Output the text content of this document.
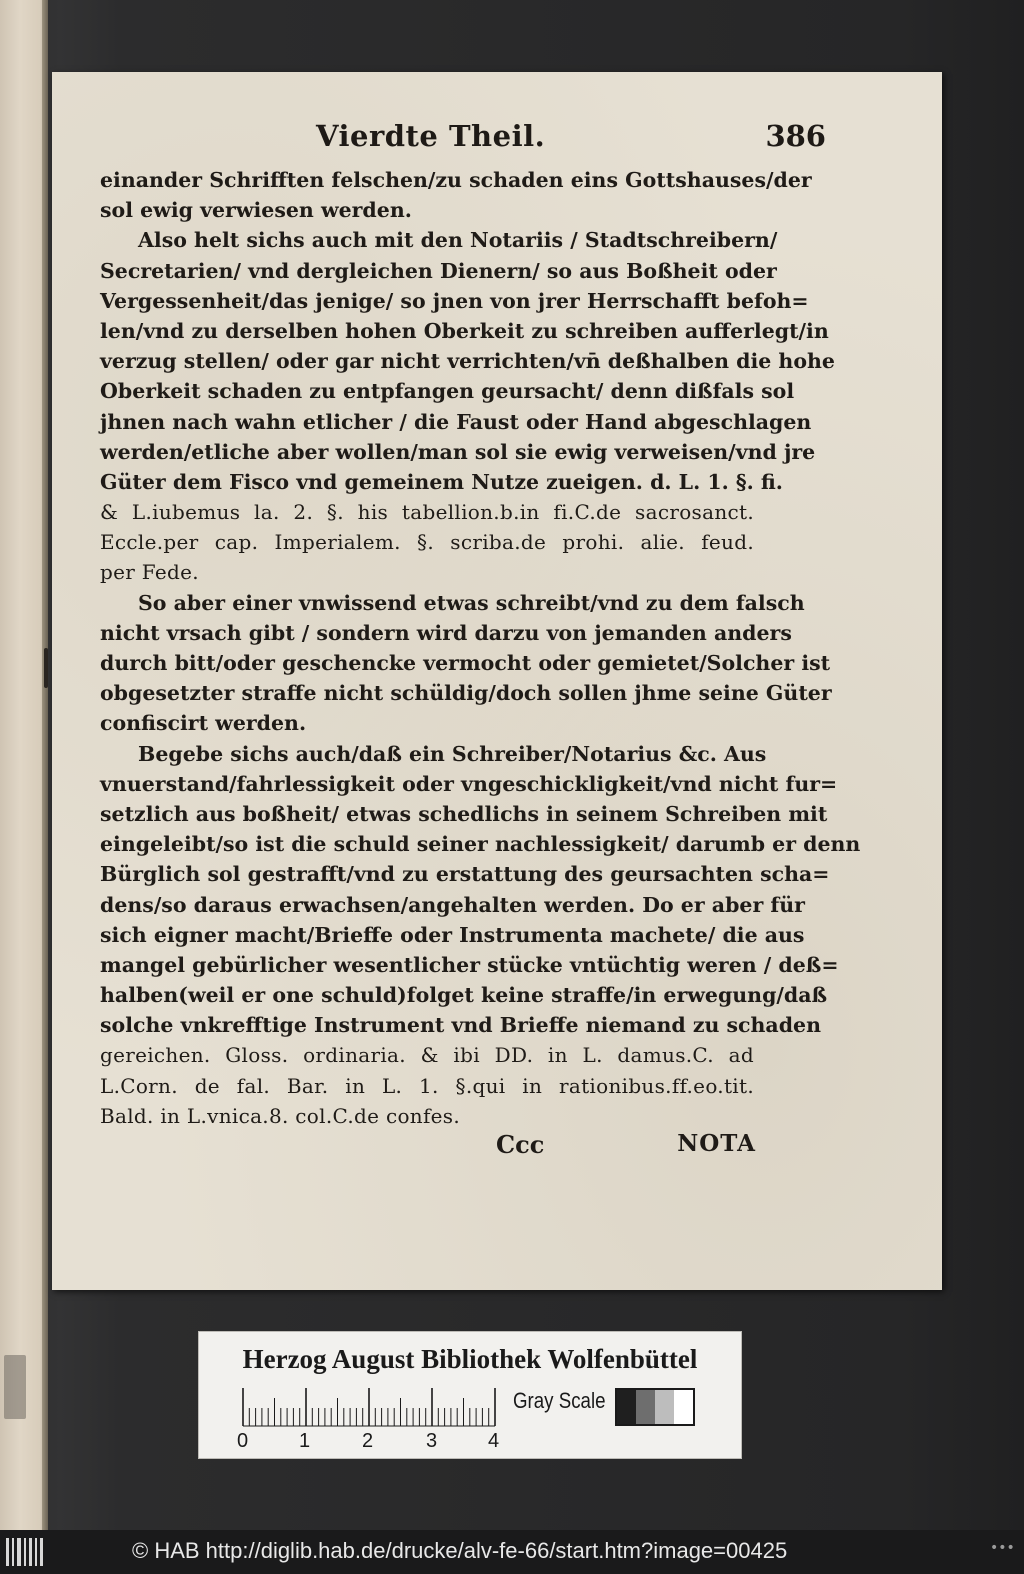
Vierdte Theil.	386
einander Schrifften felschen/zu schaden eins Gottshauses/der
sol ewig verwiesen werden.
Also helt sichs auch mit den Notariis / Stadtschreibern/
Secretarien/ vnd dergleichen Dienern/ so aus Boßheit oder
Vergessenheit/das jenige/ so jnen von jrer Herrschafft befoh=
len/vnd zu derselben hohen Oberkeit zu schreiben aufferlegt/in
verzug stellen/ oder gar nicht verrichten/vn̄ deßhalben die hohe
Oberkeit schaden zu entpfangen geursacht/ denn dißfals sol
jhnen nach wahn etlicher / die Faust oder Hand abgeschlagen
werden/etliche aber wollen/man sol sie ewig verweisen/vnd jre
Güter dem Fisco vnd gemeinem Nutze zueigen. d. L. 1. §. fi.
& L.iubemus la. 2. §. his tabellion.b.in fi.C.de sacrosanct.
Eccle.per cap. Imperialem. §. scriba.de prohi. alie. feud.
per Fede.
So aber einer vnwissend etwas schreibt/vnd zu dem falsch
nicht vrsach gibt / sondern wird darzu von jemanden anders
durch bitt/oder geschencke vermocht oder gemietet/Solcher ist
obgesetzter straffe nicht schüldig/doch sollen jhme seine Güter
confiscirt werden.
Begebe sichs auch/daß ein Schreiber/Notarius &c. Aus
vnuerstand/fahrlessigkeit oder vngeschickligkeit/vnd nicht fur=
setzlich aus boßheit/ etwas schedlichs in seinem Schreiben mit
eingeleibt/so ist die schuld seiner nachlessigkeit/ darumb er denn
Bürglich sol gestrafft/vnd zu erstattung des geursachten scha=
dens/so daraus erwachsen/angehalten werden. Do er aber für
sich eigner macht/Brieffe oder Instrumenta machete/ die aus
mangel gebürlicher wesentlicher stücke vntüchtig weren / deß=
halben(weil er one schuld)folget keine straffe/in erwegung/daß
solche vnkrefftige Instrument vnd Brieffe niemand zu schaden
gereichen. Gloss. ordinaria. & ibi DD. in L. damus.C. ad
L.Corn. de fal. Bar. in L. 1. §.qui in rationibus.ff.eo.tit.
Bald. in L.vnica.8. col.C.de confes.
Ccc	NOTA
Herzog August Bibliothek Wolfenbüttel
0	1	2	3	4
Gray Scale
© HAB http://diglib.hab.de/drucke/alv-fe-66/start.htm?image=00425	•••
